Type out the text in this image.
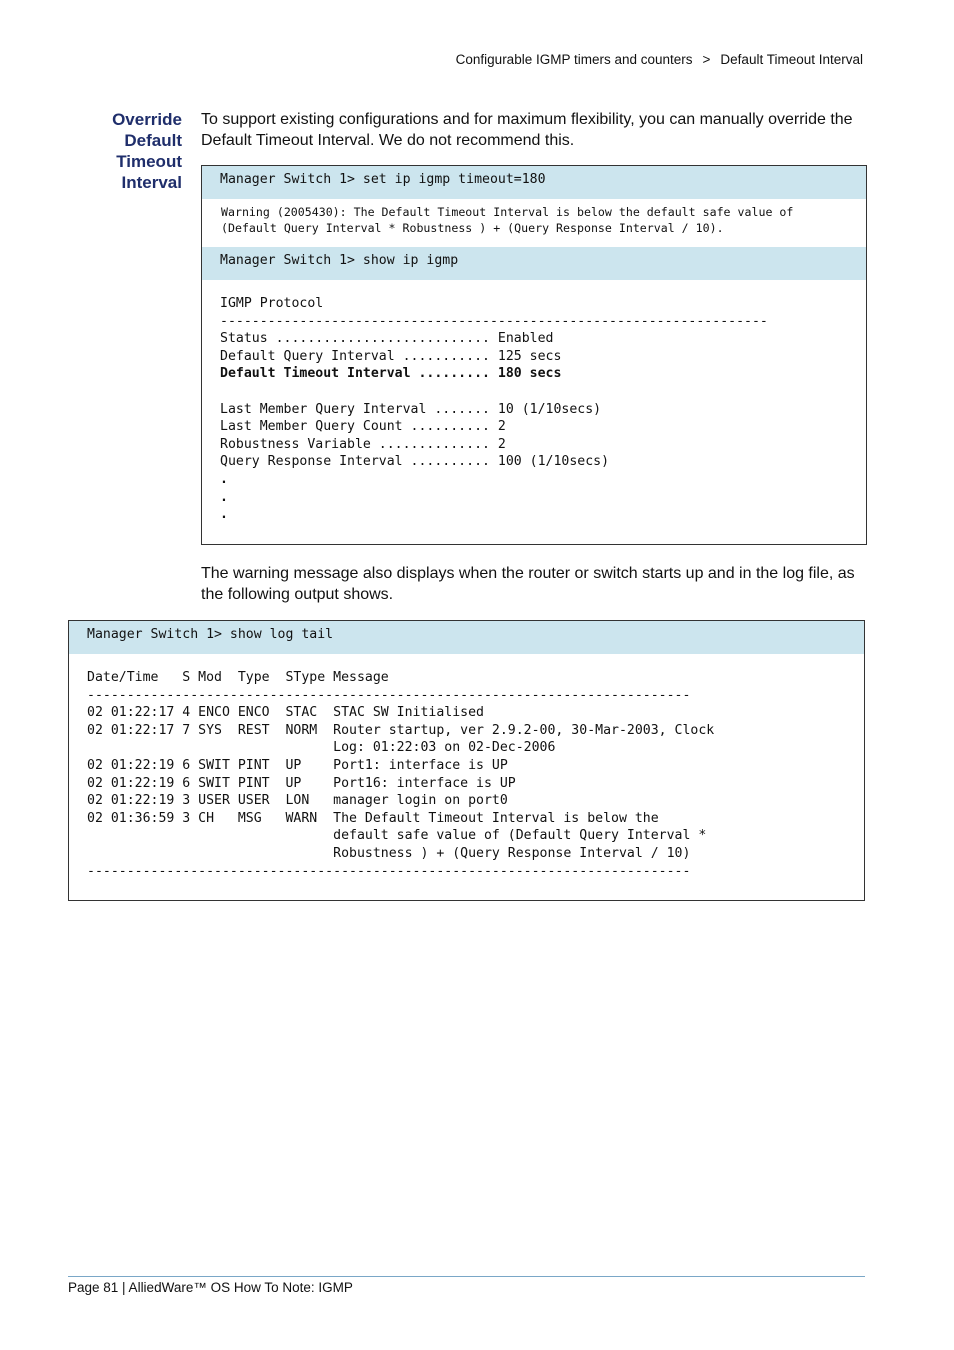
Configurable IGMP timers and counters > Default Timeout Interval
Override
Default
Timeout
Interval
To support existing configurations and for maximum flexibility, you can manually override the Default Timeout Interval. We do not recommend this.
Manager Switch 1> set ip igmp timeout=180
Warning (2005430): The Default Timeout Interval is below the default safe value of
(Default Query Interval * Robustness ) + (Query Response Interval / 10).
Manager Switch 1> show ip igmp
IGMP Protocol
---------------------------------------------------------------------
Status ........................... Enabled
Default Query Interval ........... 125 secs
Default Timeout Interval ......... 180 secs
Last Member Query Interval ....... 10 (1/10secs)
Last Member Query Count .......... 2
Robustness Variable .............. 2
Query Response Interval .......... 100 (1/10secs)
.
.
.
The warning message also displays when the router or switch starts up and in the log file, as the following output shows.
Manager Switch 1> show log tail
Date/Time   S Mod  Type  SType Message
----------------------------------------------------------------------------
02 01:22:17 4 ENCO ENCO  STAC  STAC SW Initialised
02 01:22:17 7 SYS  REST  NORM  Router startup, ver 2.9.2-00, 30-Mar-2003, Clock
Log: 01:22:03 on 02-Dec-2006
02 01:22:19 6 SWIT PINT  UP    Port1: interface is UP
02 01:22:19 6 SWIT PINT  UP    Port16: interface is UP
02 01:22:19 3 USER USER  LON   manager login on port0
02 01:36:59 3 CH   MSG   WARN  The Default Timeout Interval is below the
default safe value of (Default Query Interval *
Robustness ) + (Query Response Interval / 10)
----------------------------------------------------------------------------
Page 81 | AlliedWare™ OS How To Note: IGMP
